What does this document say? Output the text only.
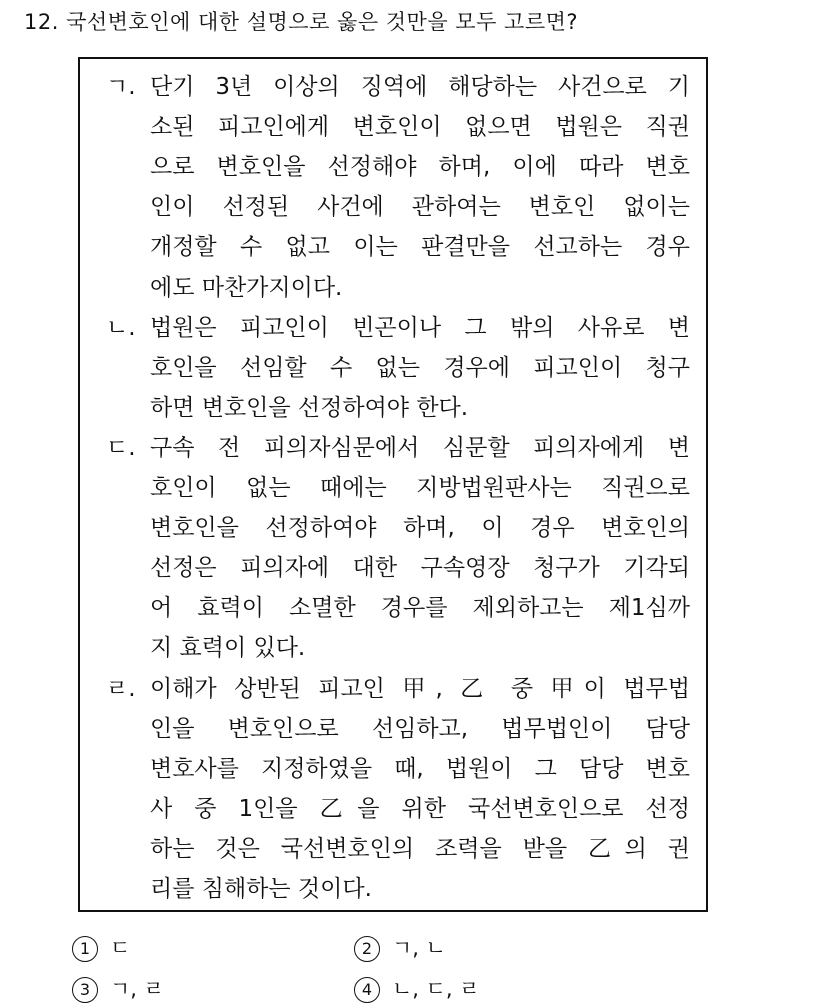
12. 국선변호인에 대한 설명으로 옳은 것만을 모두 고르면?
ㄱ. 단기 3년 이상의 징역에 해당하는 사건으로 기
소된 피고인에게 변호인이 없으면 법원은 직권
으로 변호인을 선정해야 하며, 이에 따라 변호
인이 선정된 사건에 관하여는 변호인 없이는
개정할 수 없고 이는 판결만을 선고하는 경우
에도 마찬가지이다.
ㄴ. 법원은 피고인이 빈곤이나 그 밖의 사유로 변
호인을 선임할 수 없는 경우에 피고인이 청구
하면 변호인을 선정하여야 한다.
ㄷ. 구속 전 피의자심문에서 심문할 피의자에게 변
호인이 없는 때에는 지방법원판사는 직권으로
변호인을 선정하여야 하며, 이 경우 변호인의
선정은 피의자에 대한 구속영장 청구가 기각되
어 효력이 소멸한 경우를 제외하고는 제1심까
지 효력이 있다.
ㄹ. 이해가 상반된 피고인 甲, 乙 중 甲이 법무법
인을 변호인으로 선임하고, 법무법인이 담당
변호사를 지정하였을 때, 법원이 그 담당 변호
사 중 1인을 乙을 위한 국선변호인으로 선정
하는 것은 국선변호인의 조력을 받을 乙의 권
리를 침해하는 것이다.
1 ㄷ	2 ㄱ, ㄴ
3 ㄱ, ㄹ	4 ㄴ, ㄷ, ㄹ
